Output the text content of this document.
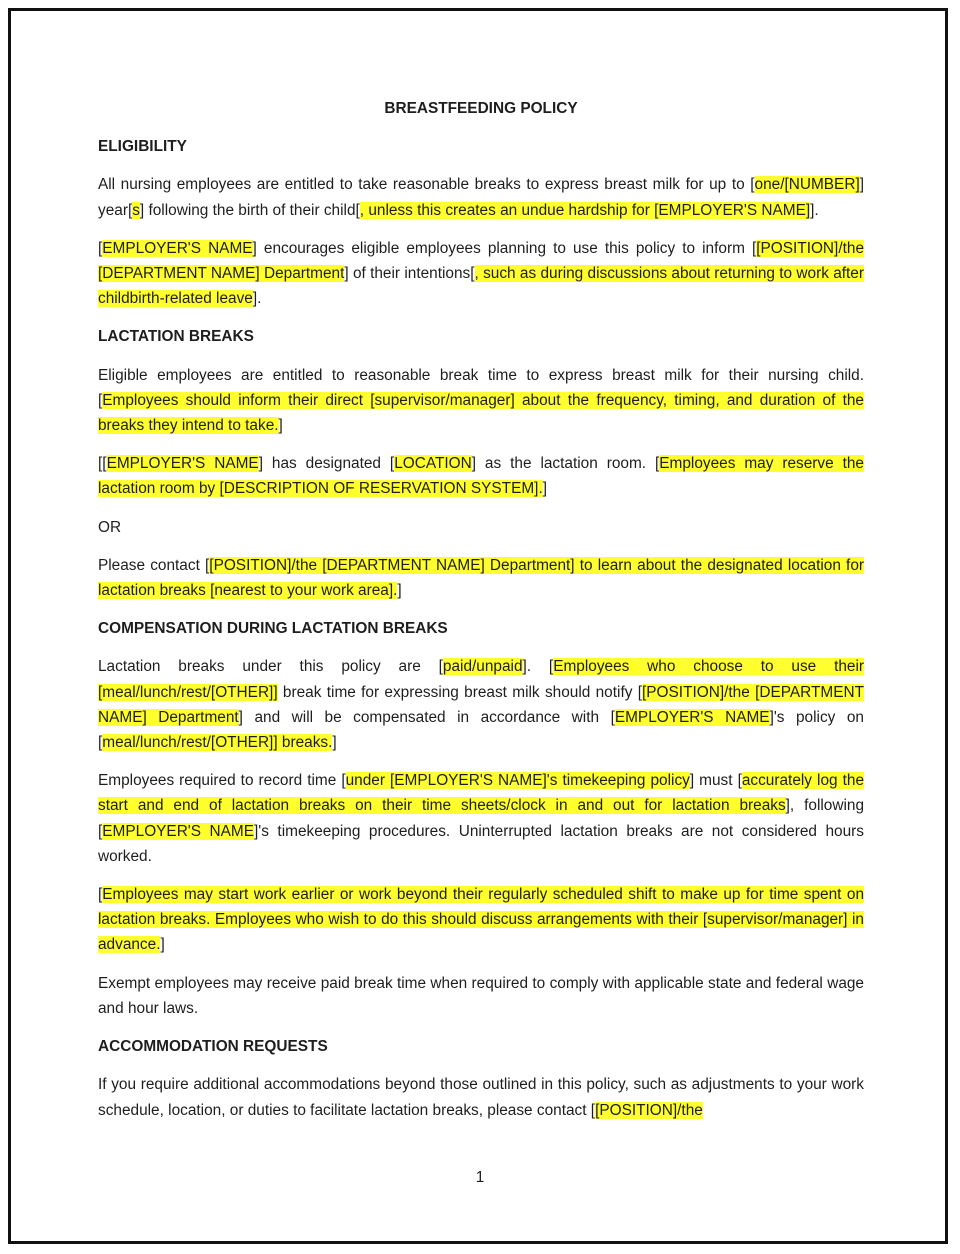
BREASTFEEDING POLICY
ELIGIBILITY
All nursing employees are entitled to take reasonable breaks to express breast milk for up to [one/[NUMBER]] year[s] following the birth of their child[, unless this creates an undue hardship for [EMPLOYER'S NAME]].
[EMPLOYER'S NAME] encourages eligible employees planning to use this policy to inform [[POSITION]/the [DEPARTMENT NAME] Department] of their intentions[, such as during discussions about returning to work after childbirth-related leave].
LACTATION BREAKS
Eligible employees are entitled to reasonable break time to express breast milk for their nursing child. [Employees should inform their direct [supervisor/manager] about the frequency, timing, and duration of the breaks they intend to take.]
[[EMPLOYER'S NAME] has designated [LOCATION] as the lactation room. [Employees may reserve the lactation room by [DESCRIPTION OF RESERVATION SYSTEM].]
OR
Please contact [[POSITION]/the [DEPARTMENT NAME] Department] to learn about the designated location for lactation breaks [nearest to your work area].]
COMPENSATION DURING LACTATION BREAKS
Lactation breaks under this policy are [paid/unpaid]. [Employees who choose to use their [meal/lunch/rest/[OTHER]] break time for expressing breast milk should notify [[POSITION]/the [DEPARTMENT NAME] Department] and will be compensated in accordance with [EMPLOYER'S NAME]'s policy on [meal/lunch/rest/[OTHER]] breaks.]
Employees required to record time [under [EMPLOYER'S NAME]'s timekeeping policy] must [accurately log the start and end of lactation breaks on their time sheets/clock in and out for lactation breaks], following [EMPLOYER'S NAME]'s timekeeping procedures. Uninterrupted lactation breaks are not considered hours worked.
[Employees may start work earlier or work beyond their regularly scheduled shift to make up for time spent on lactation breaks. Employees who wish to do this should discuss arrangements with their [supervisor/manager] in advance.]
Exempt employees may receive paid break time when required to comply with applicable state and federal wage and hour laws.
ACCOMMODATION REQUESTS
If you require additional accommodations beyond those outlined in this policy, such as adjustments to your work schedule, location, or duties to facilitate lactation breaks, please contact [[POSITION]/the
1
